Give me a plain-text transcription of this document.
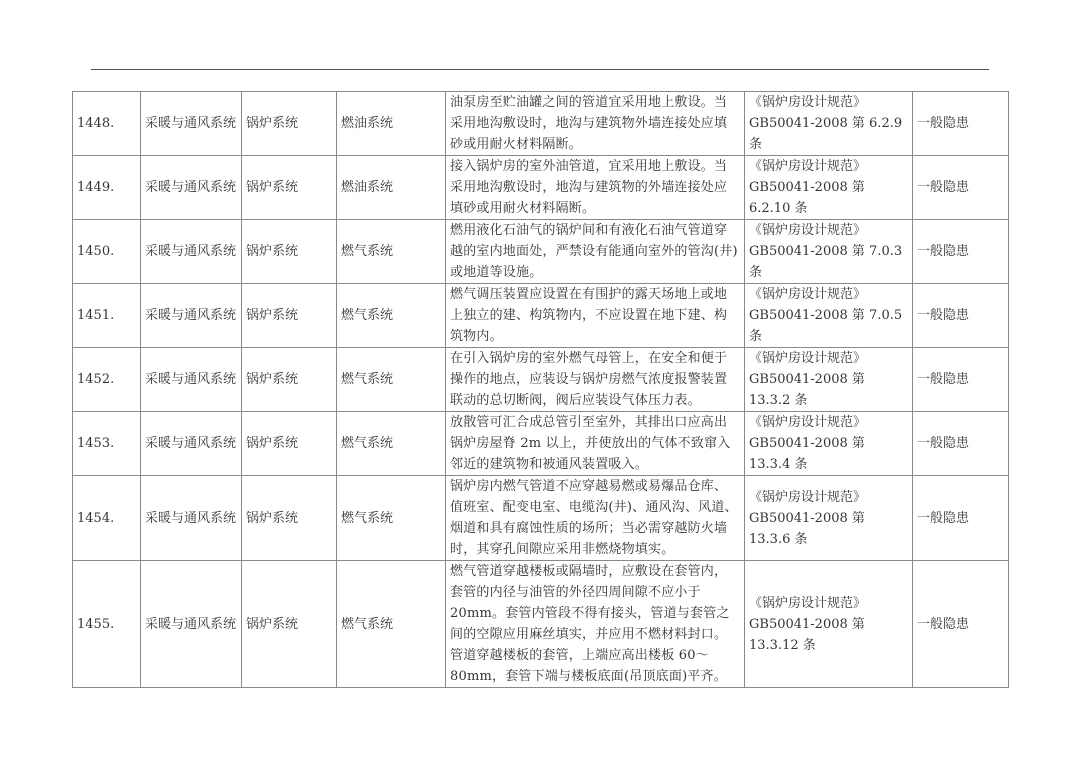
1448.	采暖与通风系统	锅炉系统	燃油系统	油泵房至贮油罐之间的管道宜采用地上敷设。当采用地沟敷设时，地沟与建筑物外墙连接处应填砂或用耐火材料隔断。	《锅炉房设计规范》GB50041-2008 第 6.2.9 条	一般隐患
1449.	采暖与通风系统	锅炉系统	燃油系统	接入锅炉房的室外油管道，宜采用地上敷设。当采用地沟敷设时，地沟与建筑物的外墙连接处应填砂或用耐火材料隔断。	《锅炉房设计规范》GB50041-2008 第 6.2.10 条	一般隐患
1450.	采暖与通风系统	锅炉系统	燃气系统	燃用液化石油气的锅炉间和有液化石油气管道穿越的室内地面处，严禁设有能通向室外的管沟(井)或地道等设施。	《锅炉房设计规范》GB50041-2008 第 7.0.3 条	一般隐患
1451.	采暖与通风系统	锅炉系统	燃气系统	燃气调压装置应设置在有围护的露天场地上或地上独立的建、构筑物内，不应设置在地下建、构筑物内。	《锅炉房设计规范》GB50041-2008 第 7.0.5 条	一般隐患
1452.	采暖与通风系统	锅炉系统	燃气系统	在引入锅炉房的室外燃气母管上，在安全和便于操作的地点，应装设与锅炉房燃气浓度报警装置联动的总切断阀，阀后应装设气体压力表。	《锅炉房设计规范》GB50041-2008 第 13.3.2 条	一般隐患
1453.	采暖与通风系统	锅炉系统	燃气系统	放散管可汇合成总管引至室外，其排出口应高出锅炉房屋脊 2m 以上，并使放出的气体不致窜入邻近的建筑物和被通风装置吸入。	《锅炉房设计规范》GB50041-2008 第 13.3.4 条	一般隐患
1454.	采暖与通风系统	锅炉系统	燃气系统	锅炉房内燃气管道不应穿越易燃或易爆品仓库、值班室、配变电室、电缆沟(井)、通风沟、风道、烟道和具有腐蚀性质的场所；当必需穿越防火墙时，其穿孔间隙应采用非燃烧物填实。	《锅炉房设计规范》GB50041-2008 第 13.3.6 条	一般隐患
1455.	采暖与通风系统	锅炉系统	燃气系统	燃气管道穿越楼板或隔墙时，应敷设在套管内，套管的内径与油管的外径四周间隙不应小于20mm。套管内管段不得有接头，管道与套管之间的空隙应用麻丝填实，并应用不燃材料封口。管道穿越楼板的套管，上端应高出楼板 60～80mm，套管下端与楼板底面(吊顶底面)平齐。	《锅炉房设计规范》GB50041-2008 第 13.3.12 条	一般隐患
